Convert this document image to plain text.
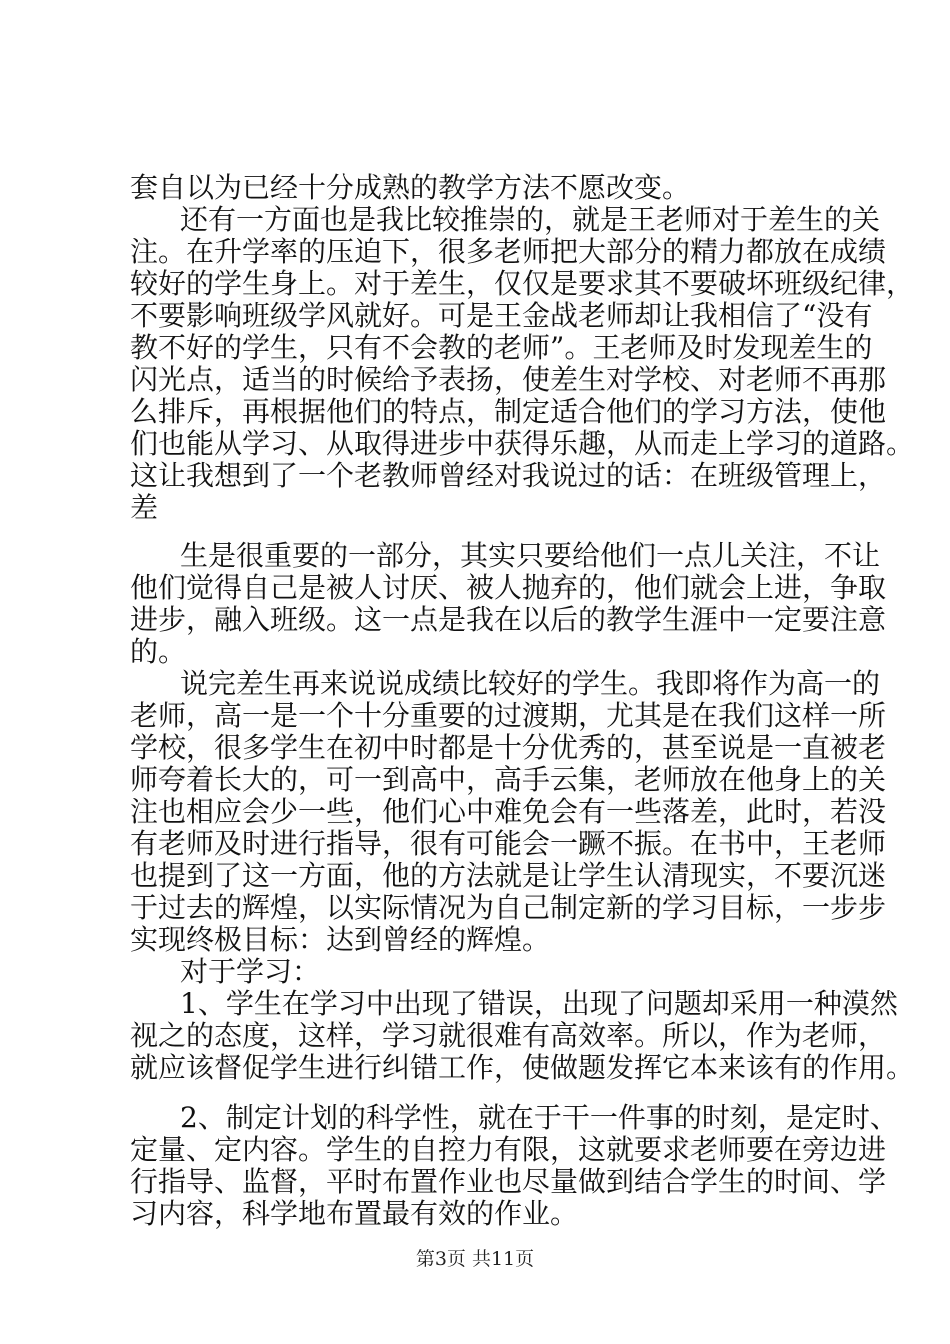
套自以为已经十分成熟的教学方法不愿改变。
还有一方面也是我比较推崇的，就是王老师对于差生的关
注。在升学率的压迫下，很多老师把大部分的精力都放在成绩
较好的学生身上。对于差生，仅仅是要求其不要破坏班级纪律，
不要影响班级学风就好。可是王金战老师却让我相信了“没有
教不好的学生，只有不会教的老师”。王老师及时发现差生的
闪光点，适当的时候给予表扬，使差生对学校、对老师不再那
么排斥，再根据他们的特点，制定适合他们的学习方法，使他
们也能从学习、从取得进步中获得乐趣，从而走上学习的道路。
这让我想到了一个老教师曾经对我说过的话：在班级管理上，
差
生是很重要的一部分，其实只要给他们一点儿关注，不让
他们觉得自己是被人讨厌、被人抛弃的，他们就会上进，争取
进步，融入班级。这一点是我在以后的教学生涯中一定要注意
的。
说完差生再来说说成绩比较好的学生。我即将作为高一的
老师，高一是一个十分重要的过渡期，尤其是在我们这样一所
学校，很多学生在初中时都是十分优秀的，甚至说是一直被老
师夸着长大的，可一到高中，高手云集，老师放在他身上的关
注也相应会少一些，他们心中难免会有一些落差，此时，若没
有老师及时进行指导，很有可能会一蹶不振。在书中，王老师
也提到了这一方面，他的方法就是让学生认清现实，不要沉迷
于过去的辉煌，以实际情况为自己制定新的学习目标，一步步
实现终极目标：达到曾经的辉煌。
对于学习：
1、学生在学习中出现了错误，出现了问题却采用一种漠然
视之的态度，这样，学习就很难有高效率。所以，作为老师，
就应该督促学生进行纠错工作，使做题发挥它本来该有的作用。
2、制定计划的科学性，就在于干一件事的时刻，是定时、
定量、定内容。学生的自控力有限，这就要求老师要在旁边进
行指导、监督，平时布置作业也尽量做到结合学生的时间、学
习内容，科学地布置最有效的作业。
第3页 共11页
